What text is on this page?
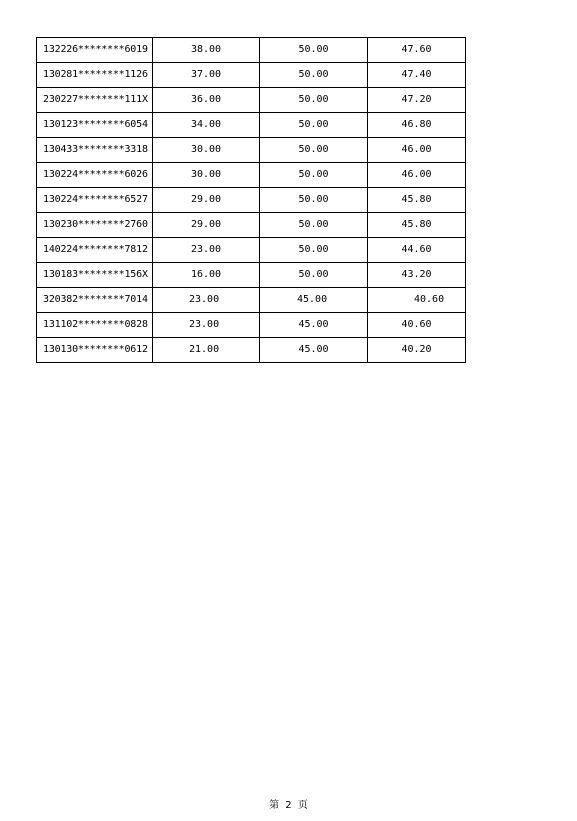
132226********6019	38.00	50.00	47.60
130281********1126	37.00	50.00	47.40
230227********111X	36.00	50.00	47.20
130123********6054	34.00	50.00	46.80
130433********3318	30.00	50.00	46.00
130224********6026	30.00	50.00	46.00
130224********6527	29.00	50.00	45.80
130230********2760	29.00	50.00	45.80
140224********7812	23.00	50.00	44.60
130183********156X	16.00	50.00	43.20
320382********7014	23.00	45.00	40.60
131102********0828	23.00	45.00	40.60
130130********0612	21.00	45.00	40.20
第 2 页
